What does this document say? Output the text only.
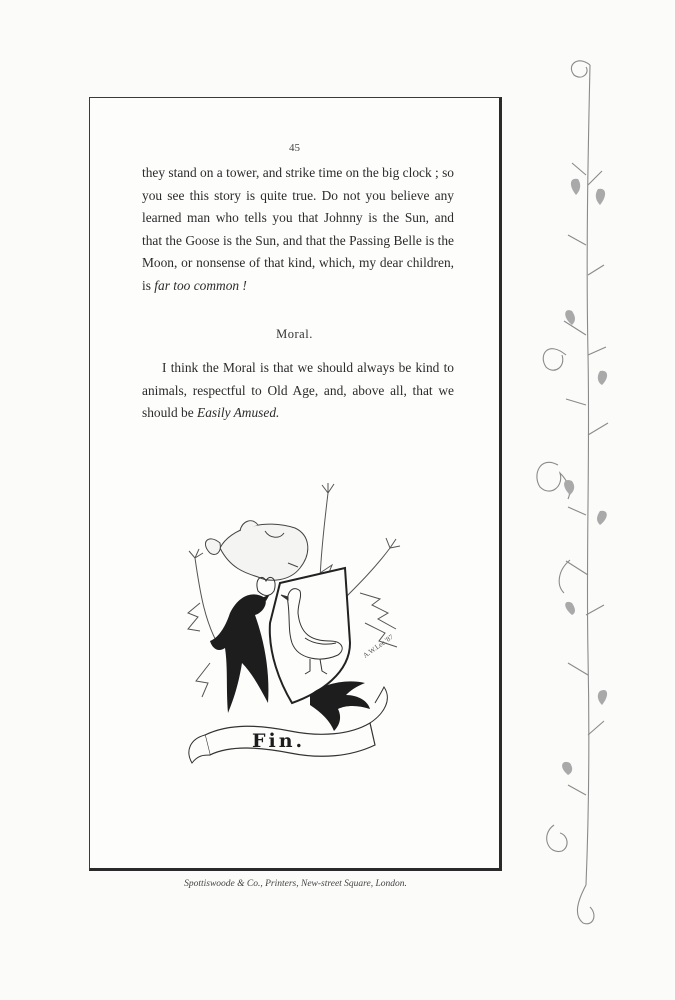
45

they stand on a tower, and strike time on the big clock ; so you see this story is quite true. Do not you believe any learned man who tells you that Johnny is the Sun, and that the Goose is the Sun, and that the Passing Belle is the Moon, or nonsense of that kind, which, my dear children, is far too common !

Moral.
I think the Moral is that we should always be kind to animals, respectful to Old Age, and, above all, that we should be Easily Amused.
A.W.Lee.'87
Fin.
Spottiswoode & Co., Printers, New-street Square, London.
